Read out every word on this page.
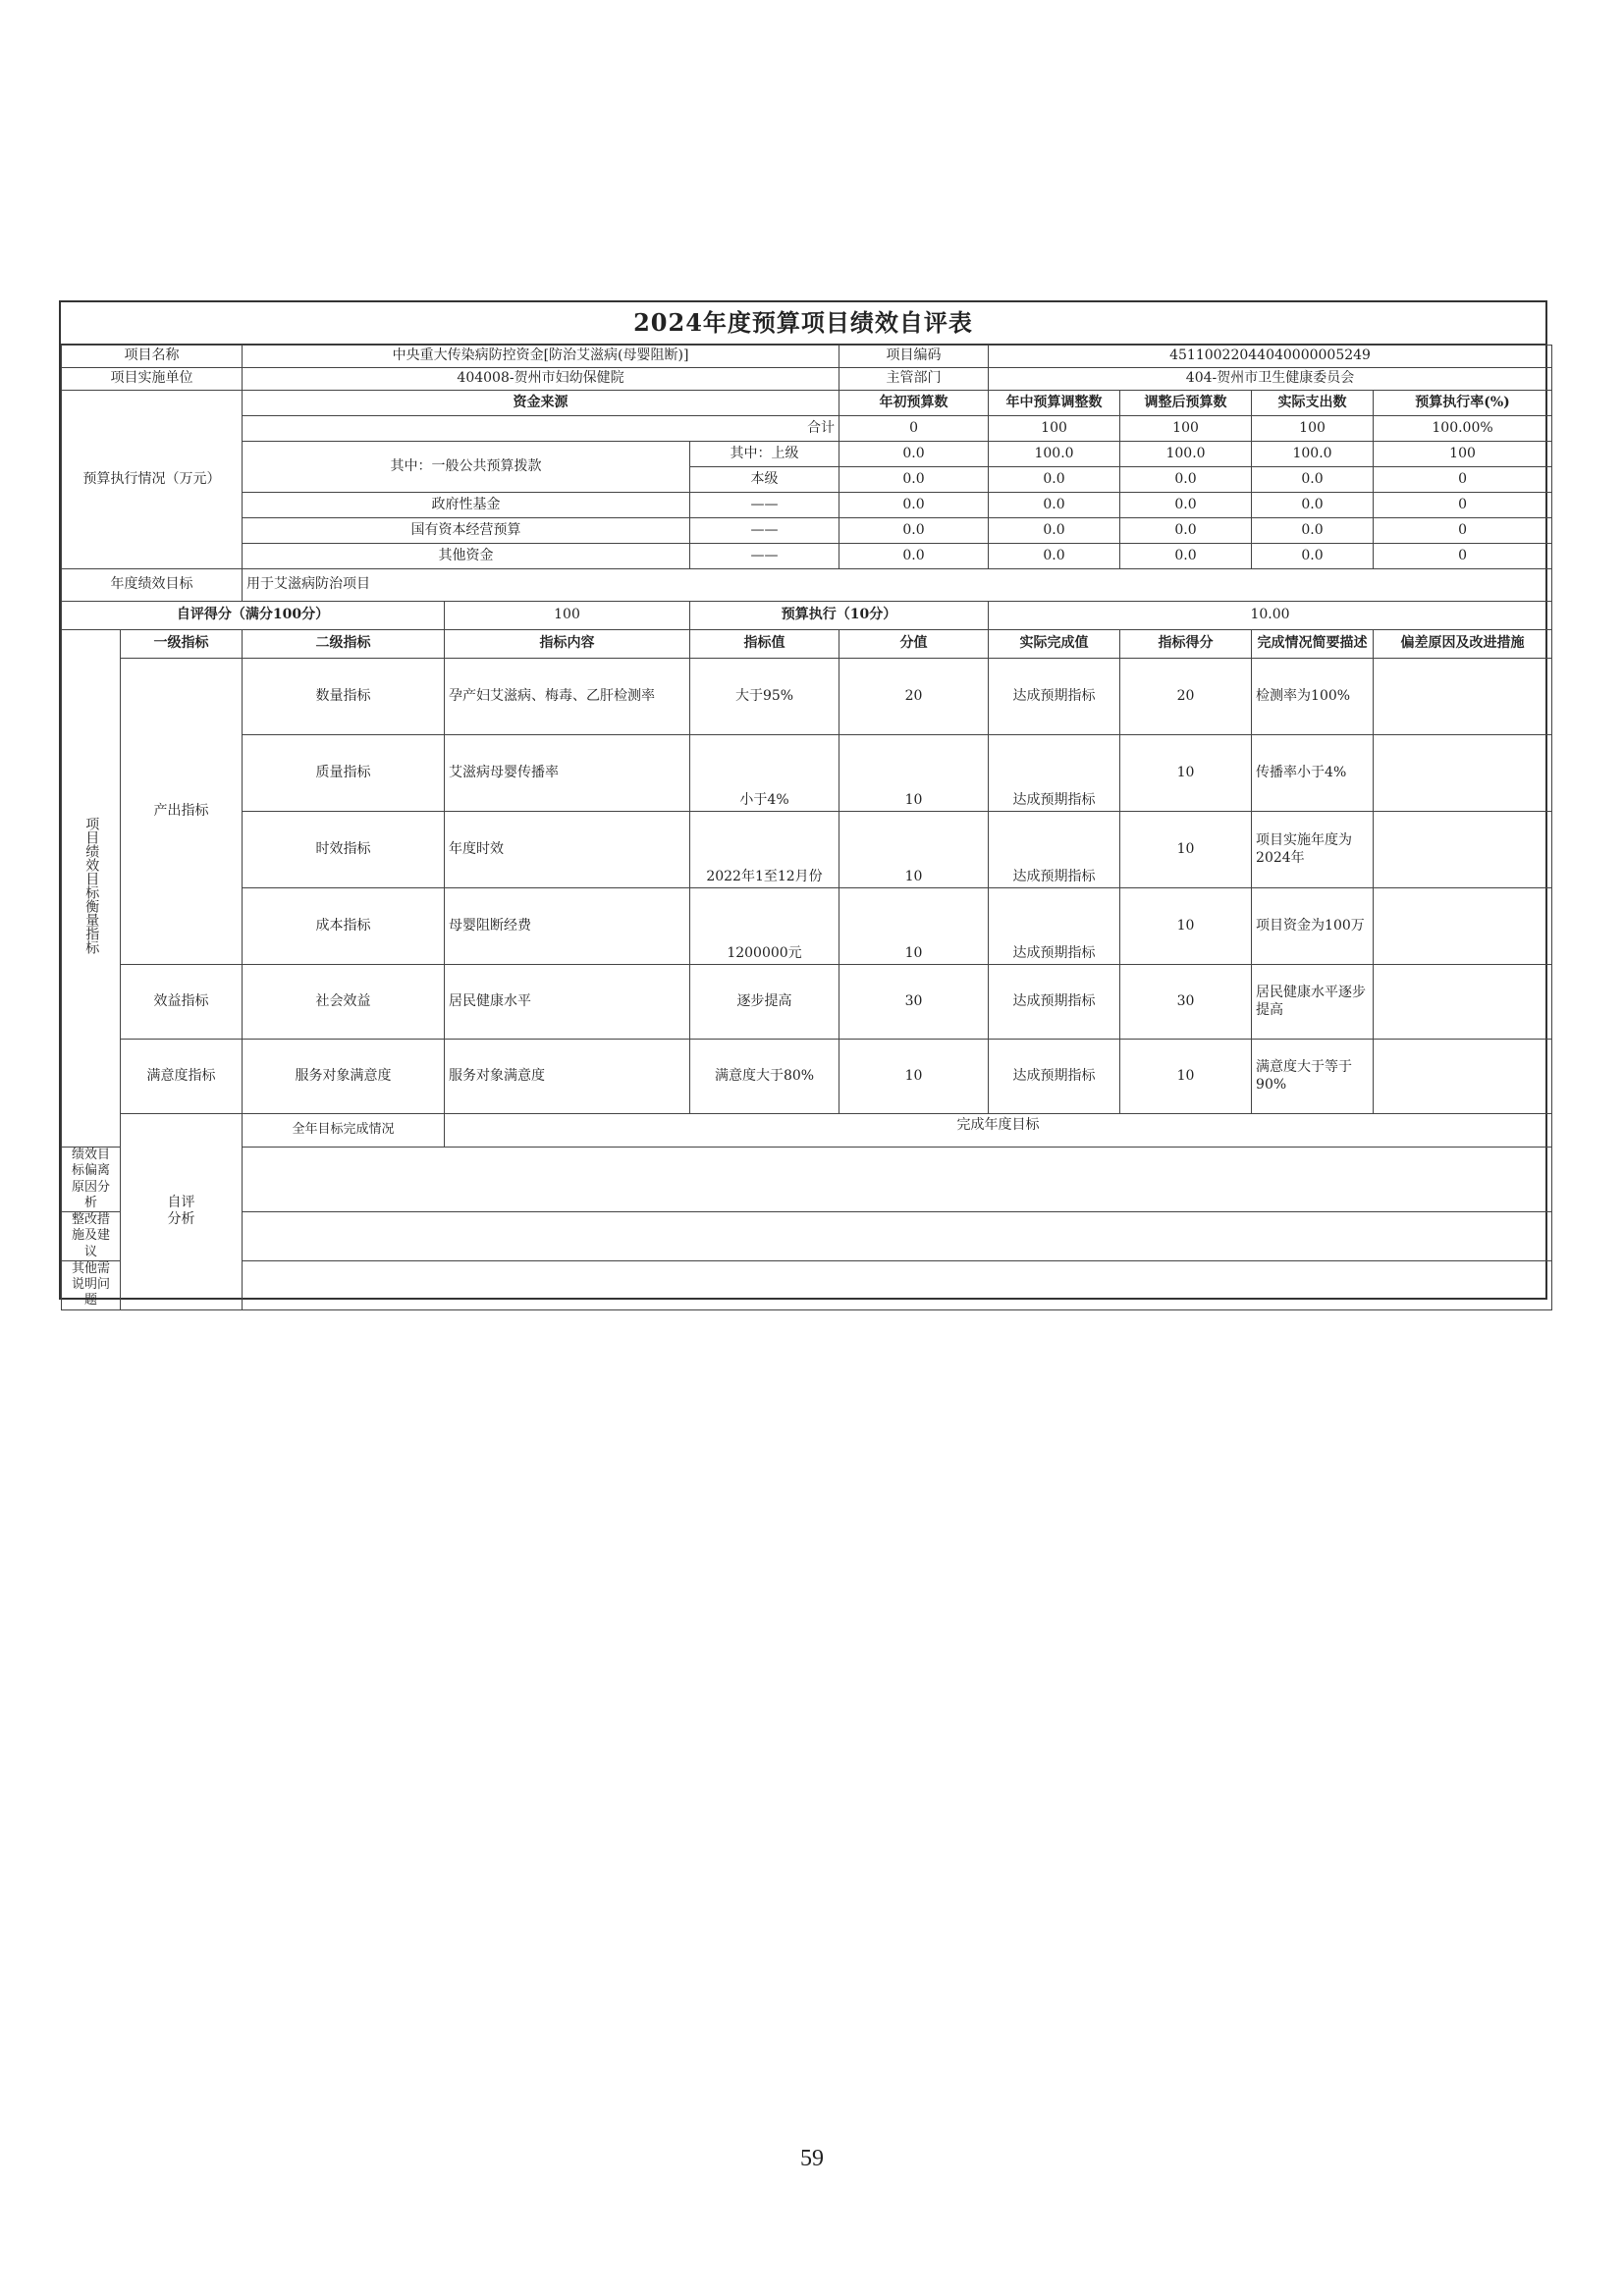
2024年度预算项目绩效自评表
项目名称		中央重大传染病防控资金[防治艾滋病(母婴阻断)]			项目编码	45110022044040000005249			
项目实施单位		404008-贺州市妇幼保健院			主管部门	404-贺州市卫生健康委员会			
预算执行情况（万元）		资金来源			年初预算数	年中预算调整数	调整后预算数	实际支出数	预算执行率(%)
		合计			0	100	100	100	100.00%
		其中：一般公共预算拨款		其中：上级	0.0	100.0	100.0	100.0	100
				本级	0.0	0.0	0.0	0.0	0
		政府性基金		——	0.0	0.0	0.0	0.0	0
		国有资本经营预算		——	0.0	0.0	0.0	0.0	0
		其他资金		——	0.0	0.0	0.0	0.0	0
年度绩效目标		用于艾滋病防治项目							
自评得分（满分100分）			100	预算执行（10分）		10.00			
项目绩效目标衡量指标	一级指标	二级指标	指标内容	指标值	分值	实际完成值	指标得分	完成情况简要描述	偏差原因及改进措施
	产出指标	数量指标	孕产妇艾滋病、梅毒、乙肝检测率	大于95%	20	达成预期指标	20	检测率为100%	
		质量指标	艾滋病母婴传播率	小于4%	10	达成预期指标	10	传播率小于4%	
		时效指标	年度时效	2022年1至12月份	10	达成预期指标	10	项目实施年度为2024年	
		成本指标	母婴阻断经费	1200000元	10	达成预期指标	10	项目资金为100万	
	效益指标	社会效益	居民健康水平	逐步提高	30	达成预期指标	30	居民健康水平逐步提高	
	满意度指标	服务对象满意度	服务对象满意度	满意度大于80%	10	达成预期指标	10	满意度大于等于90%	

	自评分析	全年目标完成情况	完成年度目标						
绩效目标偏离原因分析									
整改措施及建议									
其他需说明问题									
59
